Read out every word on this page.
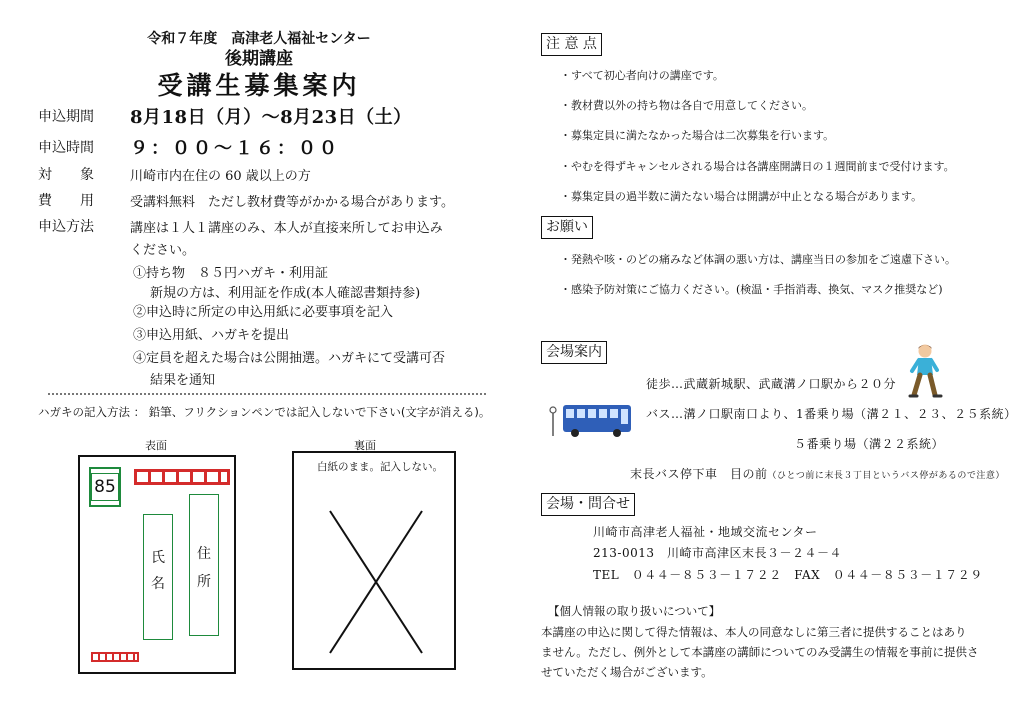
令和７年度　高津老人福祉センター
後期講座
受講生募集案内
申込期間 8月18日（月）～8月23日（土）
申込時間 ９：００～１６：００
対　　象	川崎市内在住の 60 歳以上の方
費　　用	受講料無料　ただし教材費等がかかる場合があります。
申込方法	講座は１人１講座のみ、本人が直接来所してお申込み
ください。
①持ち物　８５円ハガキ・利用証
新規の方は、利用証を作成(本人確認書類持参)
②申込時に所定の申込用紙に必要事項を記入
③申込用紙、ハガキを提出
④定員を超えた場合は公開抽選。ハガキにて受講可否
結果を通知
ハガキの記入方法 ： 鉛筆、フリクションペンでは記入しないで下さい(文字が消える)。
表面	裏面
85
住所
氏名
白紙のまま。記入しない。
注 意 点
・すべて初心者向けの講座です。
・教材費以外の持ち物は各自で用意してください。
・募集定員に満たなかった場合は二次募集を行います。
・やむを得ずキャンセルされる場合は各講座開講日の１週間前まで受付けます。
・募集定員の過半数に満たない場合は開講が中止となる場合があります。
お願い
・発熱や咳・のどの痛みなど体調の悪い方は、講座当日の参加をご遠慮下さい。
・感染予防対策にご協力ください。(検温・手指消毒、換気、マスク推奨など)
会場案内
徒歩…武蔵新城駅、武蔵溝ノ口駅から２０分
バス…溝ノ口駅南口より、1番乗り場（溝２１、２３、２５系統）
５番乗り場（溝２２系統）
末長バス停下車　目の前（ひとつ前に末長３丁目というバス停があるので注意）
会場・問合せ
川崎市高津老人福祉・地域交流センター
213-0013　川崎市高津区末長３－２４－４
TEL　０４４－８５３－１７２２　FAX　０４４－８５３－１７２９
【個人情報の取り扱いについて】
本講座の申込に関して得た情報は、本人の同意なしに第三者に提供することはあり
ません。ただし、例外として本講座の講師についてのみ受講生の情報を事前に提供さ
せていただく場合がございます。
